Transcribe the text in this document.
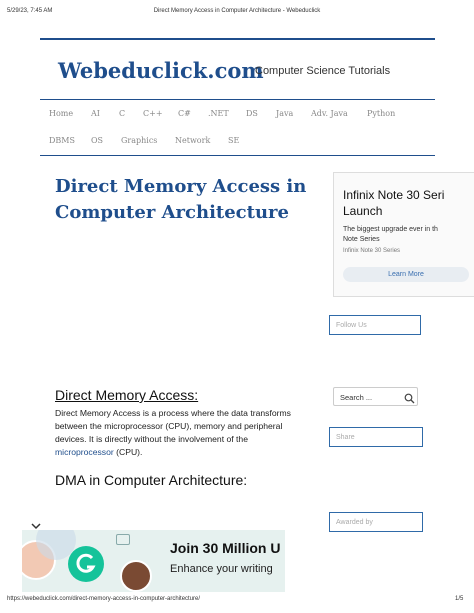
5/29/23, 7:45 AM	Direct Memory Access in Computer Architecture - Webeduclick
Webeduclick.com
Computer Science Tutorials
Home AI C C++ C# .NET DS Java Adv. Java Python
DBMS OS Graphics Network SE
Direct Memory Access in
Computer Architecture
Infinix Note 30 Seri
Launch
The biggest upgrade ever in th
Note Series
Infinix Note 30 Series
Learn More
Follow Us
Search ...
Share
Awarded by
Direct Memory Access:
Direct Memory Access is a process where the data transforms
between the microprocessor (CPU), memory and peripheral
devices. It is directly without the involvement of the
microprocessor (CPU).
DMA in Computer Architecture:
Join 30 Million U
Enhance your writing
https://webeduclick.com/direct-memory-access-in-computer-architecture/	1/5
